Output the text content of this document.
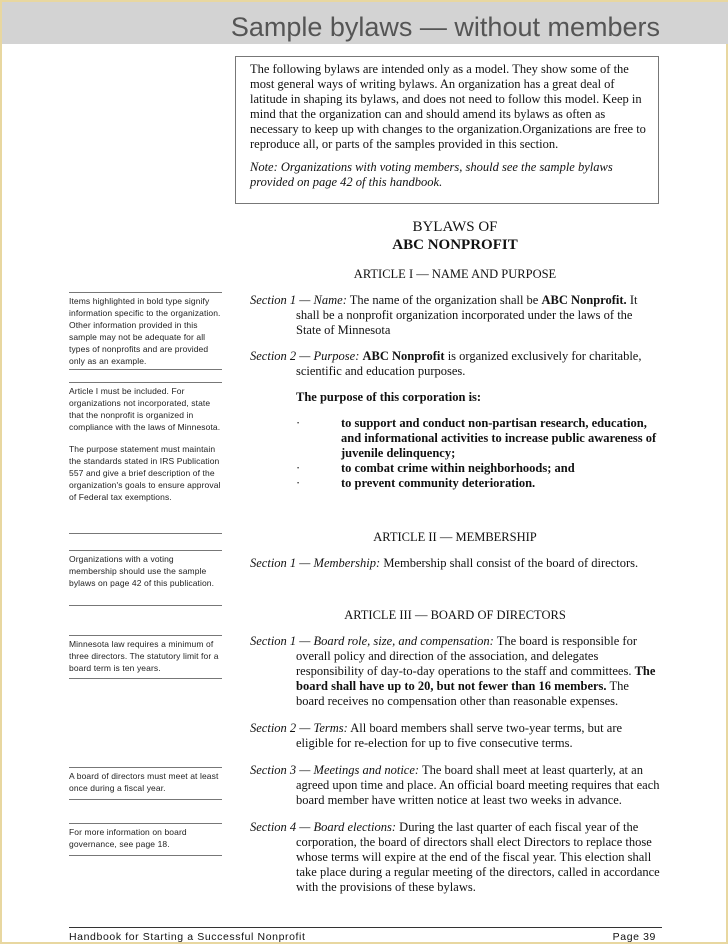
Sample bylaws — without members

The following bylaws are intended only as a model. They show some of the most general ways of writing bylaws. An organization has a great deal of latitude in shaping its bylaws, and does not need to follow this model. Keep in mind that the organization can and should amend its bylaws as often as necessary to keep up with changes to the organization.Organizations are free to reproduce all, or parts of the samples provided in this section.

Note: Organizations with voting members, should see the sample bylaws provided on page 42 of this handbook.

BYLAWS OF
ABC NONPROFIT
ARTICLE I — NAME AND PURPOSE
Section 1 — Name: The name of the organization shall be ABC Nonprofit. It shall be a nonprofit organization incorporated under the laws of the State of Minnesota
Section 2 — Purpose: ABC Nonprofit is organized exclusively for charitable, scientific and education purposes.
The purpose of this corporation is:
·	to support and conduct non-partisan research, education, and informational activities to increase public awareness of juvenile delinquency;
·	to combat crime within neighborhoods; and
·	to prevent community deterioration.
ARTICLE II — MEMBERSHIP
Section 1 — Membership: Membership shall consist of the board of directors.
ARTICLE III — BOARD OF DIRECTORS
Section 1 — Board role, size, and compensation: The board is responsible for overall policy and direction of the association, and delegates responsibility of day-to-day operations to the staff and committees. The board shall have up to 20, but not fewer than 16 members. The board receives no compensation other than reasonable expenses.
Section 2 — Terms: All board members shall serve two-year terms, but are eligible for re-election for up to five consecutive terms.
Section 3 — Meetings and notice: The board shall meet at least quarterly, at an agreed upon time and place. An official board meeting requires that each board member have written notice at least two weeks in advance.
Section 4 — Board elections: During the last quarter of each fiscal year of the corporation, the board of directors shall elect Directors to replace those whose terms will expire at the end of the fiscal year. This election shall take place during a regular meeting of the directors, called in accordance with the provisions of these bylaws.

Items highlighted in bold type signify information specific to the organization. Other information provided in this sample may not be adequate for all types of nonprofits and are provided only as an example.

Article I must be included. For organizations not incorporated, state that the nonprofit is organized in compliance with the laws of Minnesota.

The purpose statement must maintain the standards stated in IRS Publication 557 and give a brief description of the organization's goals to ensure approval of Federal tax exemptions.

Organizations with a voting membership should use the sample bylaws on page 42 of this publication.

Minnesota law requires a minimum of three directors. The statutory limit for a board term is ten years.

A board of directors must meet at least once during a fiscal year.

For more information on board governance, see page 18.

Handbook for Starting a Successful Nonprofit	Page 39
